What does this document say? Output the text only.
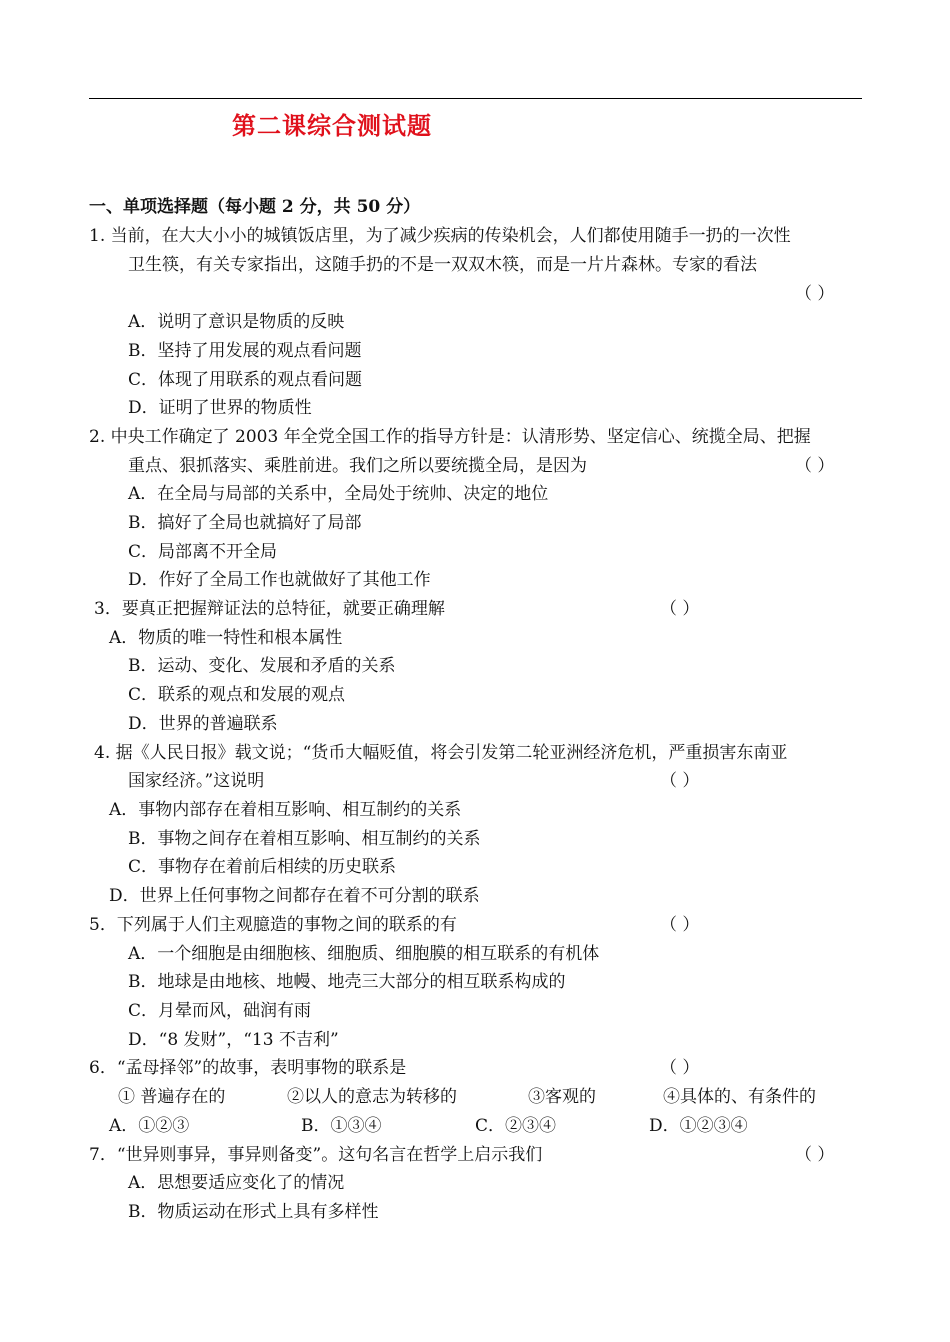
第二课综合测试题
一、单项选择题（每小题 2 分，共 50 分）
1. 当前，在大大小小的城镇饭店里，为了减少疾病的传染机会，人们都使用随手一扔的一次性
卫生筷，有关专家指出，这随手扔的不是一双双木筷，而是一片片森林。专家的看法
（ ）
A．说明了意识是物质的反映
B．坚持了用发展的观点看问题
C．体现了用联系的观点看问题
D．证明了世界的物质性
2. 中央工作确定了 2003 年全党全国工作的指导方针是：认清形势、坚定信心、统揽全局、把握
重点、狠抓落实、乘胜前进。我们之所以要统揽全局，是因为	（ ）
A．在全局与局部的关系中，全局处于统帅、决定的地位
B．搞好了全局也就搞好了局部
C．局部离不开全局
D．作好了全局工作也就做好了其他工作
3．要真正把握辩证法的总特征，就要正确理解	（ ）
A．物质的唯一特性和根本属性
B．运动、变化、发展和矛盾的关系
C．联系的观点和发展的观点
D．世界的普遍联系
4. 据《人民日报》载文说；“货币大幅贬值，将会引发第二轮亚洲经济危机，严重损害东南亚
国家经济。”这说明	（ ）
A．事物内部存在着相互影响、相互制约的关系
B．事物之间存在着相互影响、相互制约的关系
C．事物存在着前后相续的历史联系
D．世界上任何事物之间都存在着不可分割的联系
5．下列属于人们主观臆造的事物之间的联系的有	（ ）
A．一个细胞是由细胞核、细胞质、细胞膜的相互联系的有机体
B．地球是由地核、地幔、地壳三大部分的相互联系构成的
C．月晕而风，础润有雨
D．“8 发财”，“13 不吉利”
6．“孟母择邻”的故事，表明事物的联系是	（ ）
① 普遍存在的	②以人的意志为转移的	③客观的	④具体的、有条件的
A．①②③	B．①③④	C．②③④	D．①②③④
7．“世异则事异，事异则备变”。这句名言在哲学上启示我们	（ ）
A．思想要适应变化了的情况
B．物质运动在形式上具有多样性
